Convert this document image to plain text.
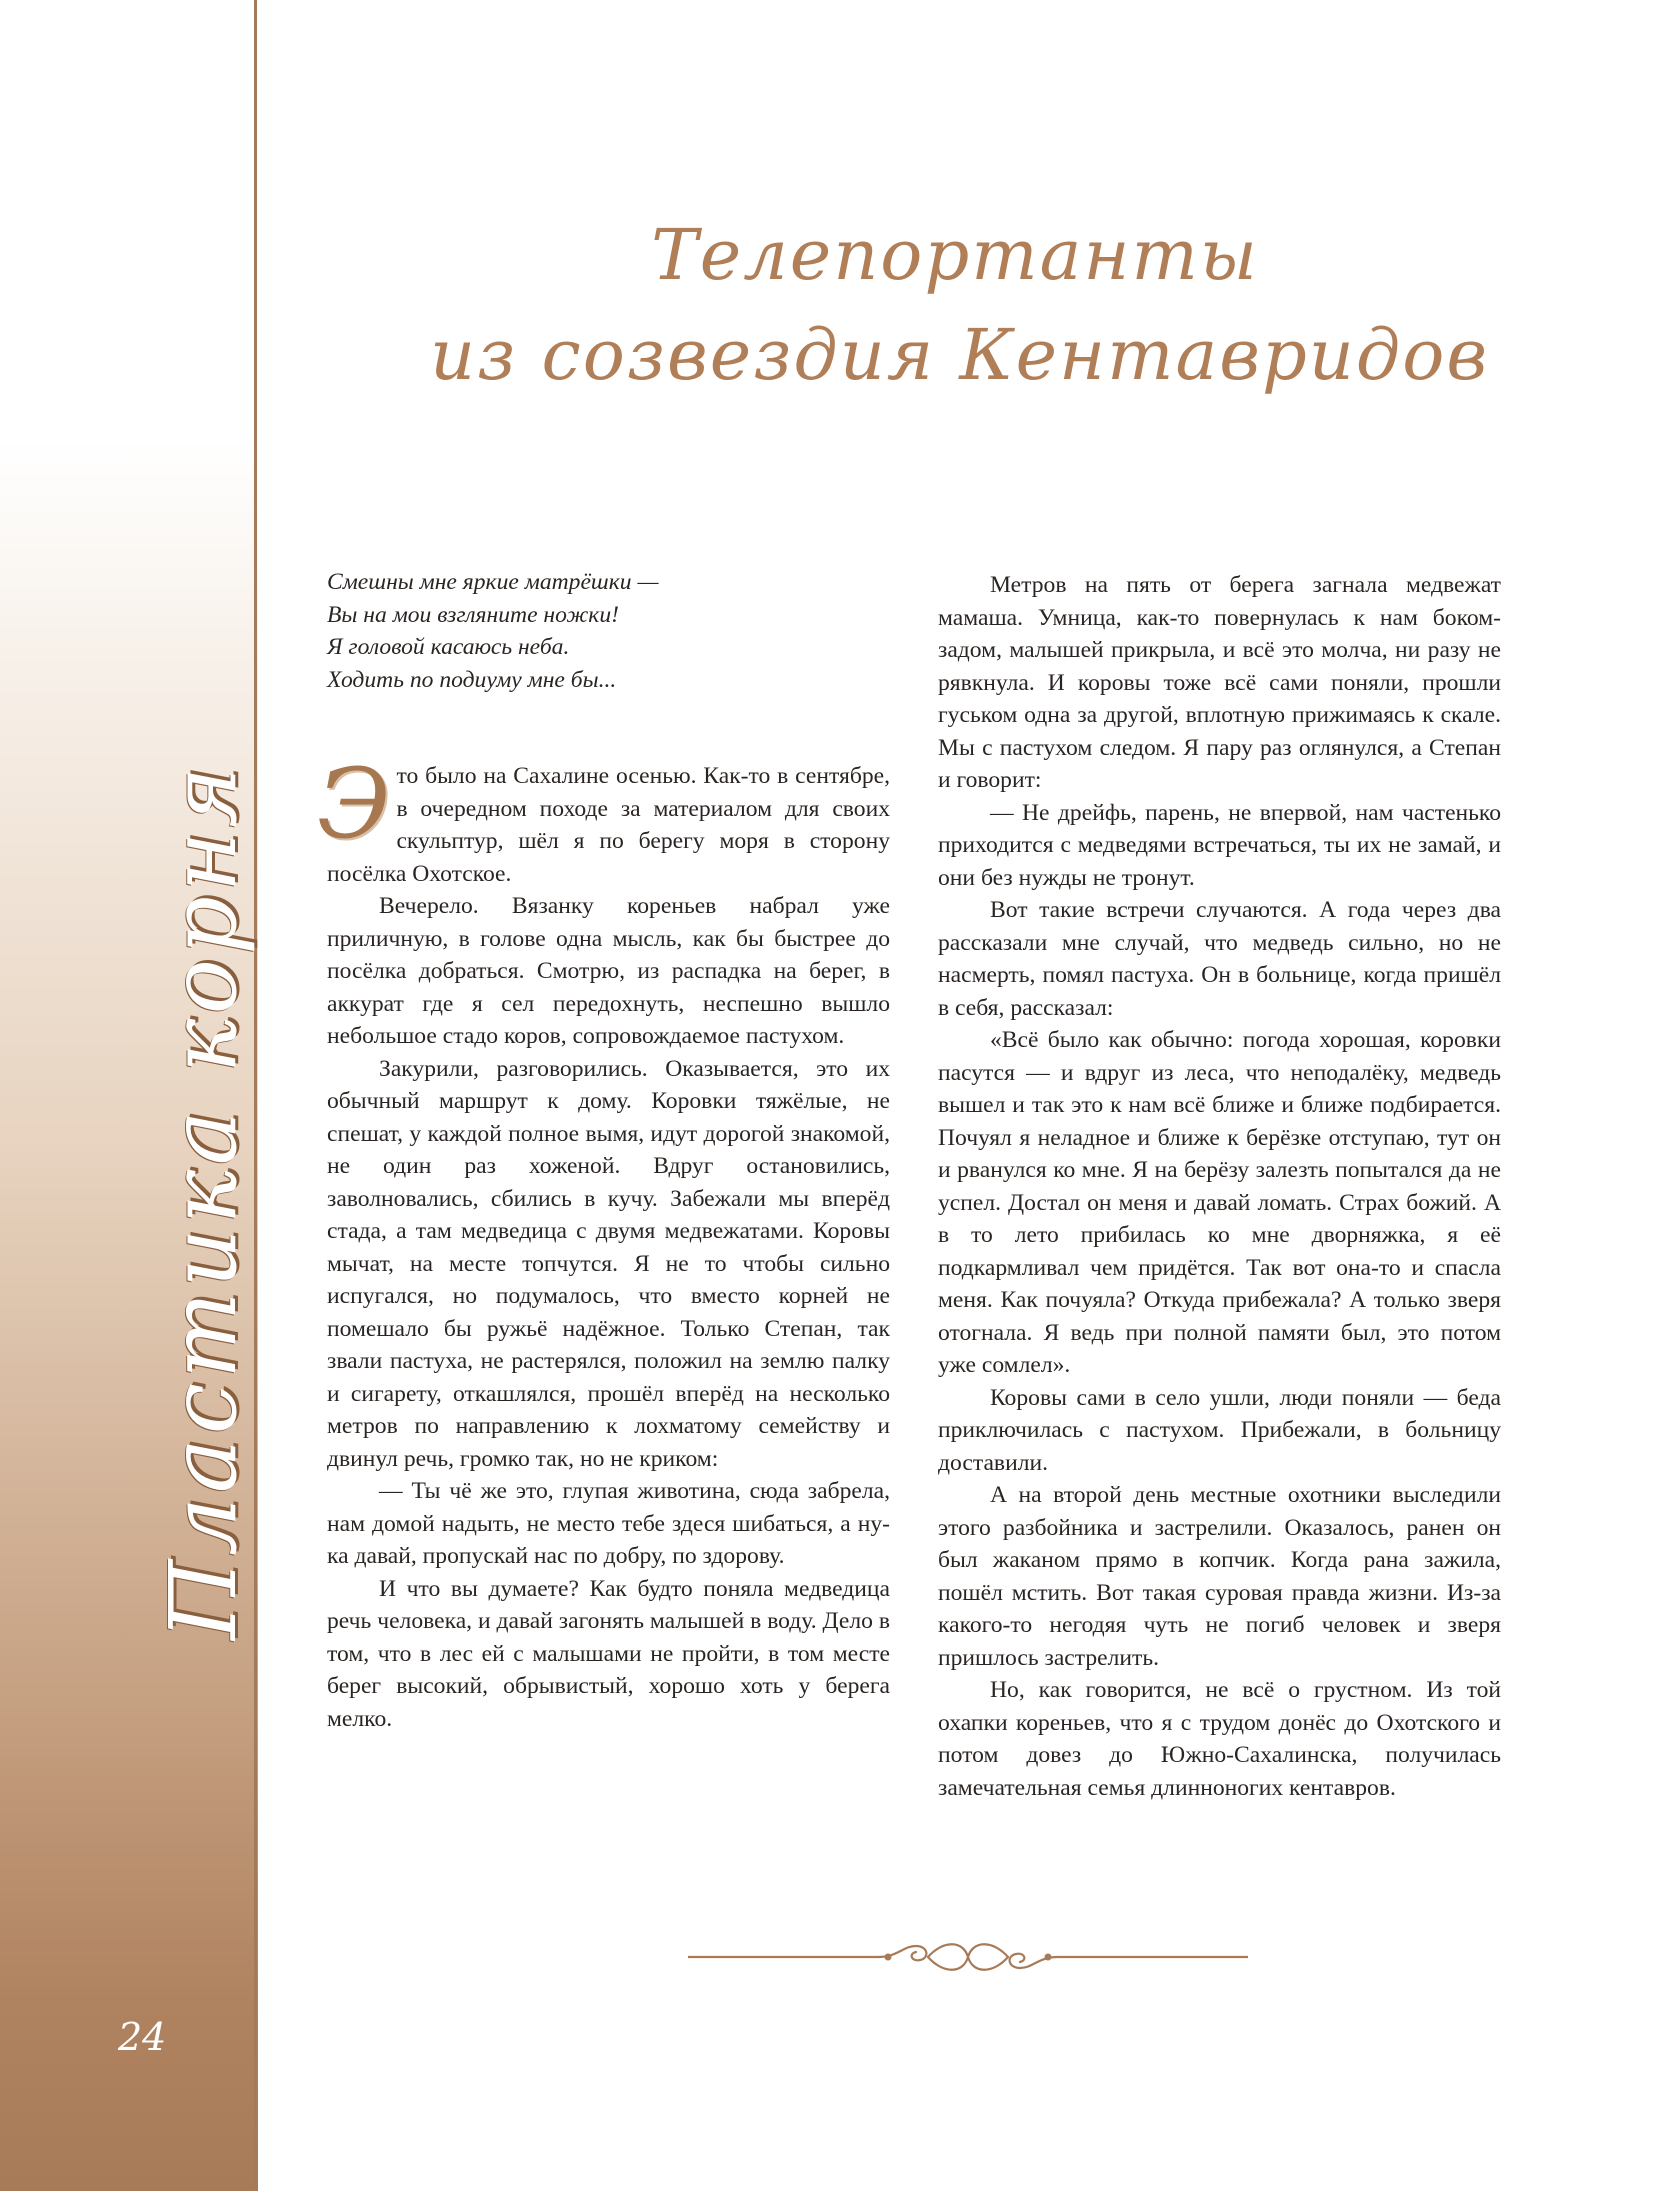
Пластика корня
24
Телепортанты
из созвездия Кентавридов
Смешны мне яркие матрёшки —
Вы на мои взгляните ножки!
Я головой касаюсь неба.
Ходить по подиуму мне бы...

Это было на Сахалине осенью. Как-то в сентябре, в очередном походе за материалом для своих скульптур, шёл я по берегу моря в сторону посёлка Охотское.

Вечерело. Вязанку кореньев набрал уже приличную, в голове одна мысль, как бы быстрее до посёлка добраться. Смотрю, из распадка на берег, в аккурат где я сел передохнуть, неспешно вышло небольшое стадо коров, сопровождаемое пастухом.

Закурили, разговорились. Оказывается, это их обычный маршрут к дому. Коровки тяжёлые, не спешат, у каждой полное вымя, идут дорогой знакомой, не один раз хоженой. Вдруг остановились, заволновались, сбились в кучу. Забежали мы вперёд стада, а там медведица с двумя медвежатами. Коровы мычат, на месте топчутся. Я не то чтобы сильно испугался, но подумалось, что вместо корней не помешало бы ружьё надёжное. Только Степан, так звали пастуха, не растерялся, положил на землю палку и сигарету, откашлялся, прошёл вперёд на несколько метров по направлению к лохматому семейству и двинул речь, громко так, но не криком:

— Ты чё же это, глупая животина, сюда забрела, нам домой надыть, не место тебе здеся шибаться, а ну-ка давай, пропускай нас по добру, по здорову.

И что вы думаете? Как будто поняла медведица речь человека, и давай загонять малышей в воду. Дело в том, что в лес ей с малышами не пройти, в том месте берег высокий, обрывистый, хорошо хоть у берега мелко.

Метров на пять от берега загнала медвежат мамаша. Умница, как-то повернулась к нам боком-задом, малышей прикрыла, и всё это молча, ни разу не рявкнула. И коровы тоже всё сами поняли, прошли гуськом одна за другой, вплотную прижимаясь к скале. Мы с пастухом следом. Я пару раз оглянулся, а Степан и говорит:

— Не дрейфь, парень, не впервой, нам частенько приходится с медведями встречаться, ты их не замай, и они без нужды не тронут.

Вот такие встречи случаются. А года через два рассказали мне случай, что медведь сильно, но не насмерть, помял пастуха. Он в больнице, когда пришёл в себя, рассказал:

«Всё было как обычно: погода хорошая, коровки пасутся — и вдруг из леса, что неподалёку, медведь вышел и так это к нам всё ближе и ближе подбирается. Почуял я неладное и ближе к берёзке отступаю, тут он и рванулся ко мне. Я на берёзу залезть попытался да не успел. Достал он меня и давай ломать. Страх божий. А в то лето прибилась ко мне дворняжка, я её подкармливал чем придётся. Так вот она-то и спасла меня. Как почуяла? Откуда прибежала? А только зверя отогнала. Я ведь при полной памяти был, это потом уже сомлел».

Коровы сами в село ушли, люди поняли — беда приключилась с пастухом. Прибежали, в больницу доставили.

А на второй день местные охотники выследили этого разбойника и застрелили. Оказалось, ранен он был жаканом прямо в копчик. Когда рана зажила, пошёл мстить. Вот такая суровая правда жизни. Из-за какого-то негодяя чуть не погиб человек и зверя пришлось застрелить.

Но, как говорится, не всё о грустном. Из той охапки кореньев, что я с трудом донёс до Охотского и потом довез до Южно-Сахалинска, получилась замечательная семья длинноногих кентавров.
